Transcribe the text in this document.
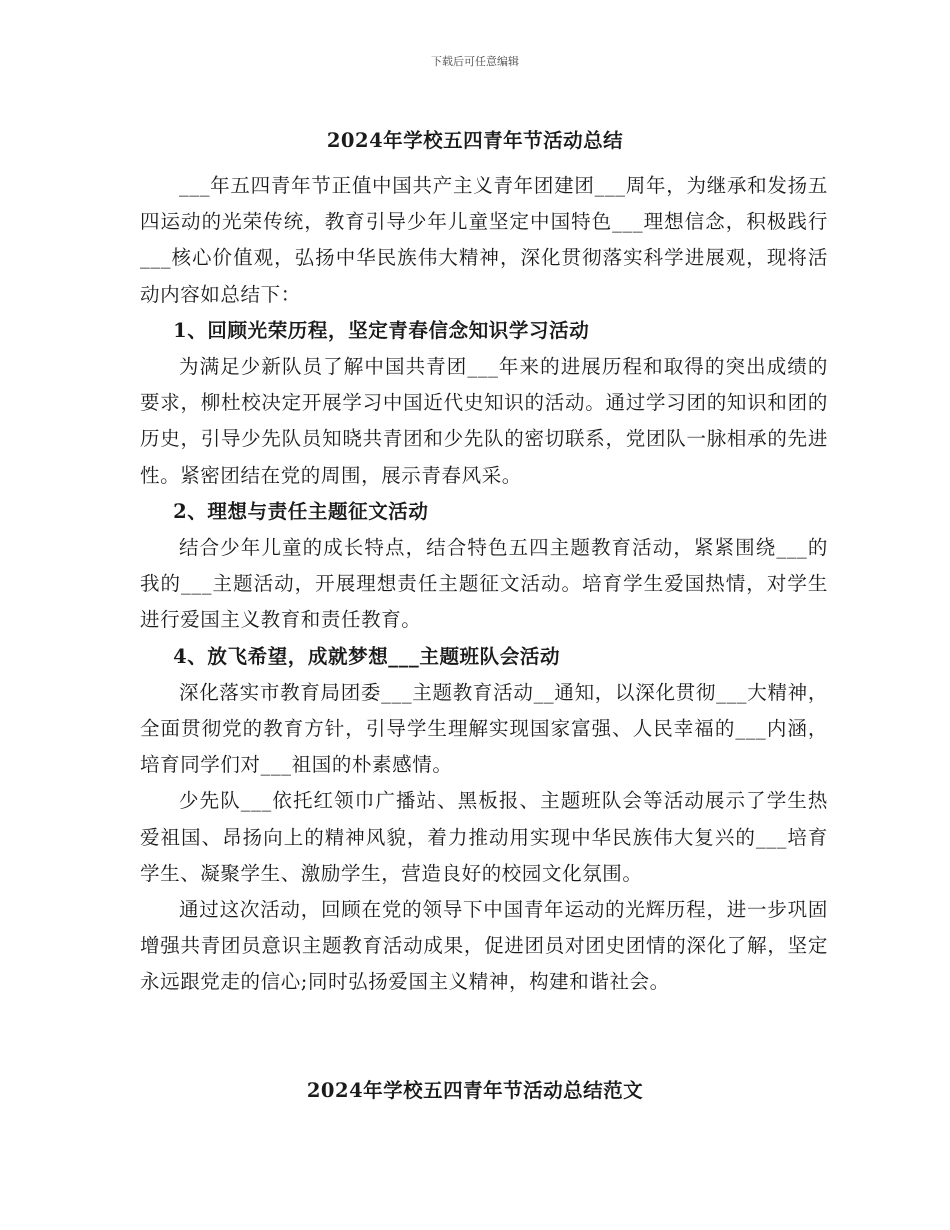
下载后可任意编辑
2024年学校五四青年节活动总结

___年五四青年节正值中国共产主义青年团建团___周年，为继承和发扬五四运动的光荣传统，教育引导少年儿童坚定中国特色___理想信念，积极践行___核心价值观，弘扬中华民族伟大精神，深化贯彻落实科学进展观，现将活动内容如总结下：

1、回顾光荣历程，坚定青春信念知识学习活动

为满足少新队员了解中国共青团___年来的进展历程和取得的突出成绩的要求，柳杜校决定开展学习中国近代史知识的活动。通过学习团的知识和团的历史，引导少先队员知晓共青团和少先队的密切联系，党团队一脉相承的先进性。紧密团结在党的周围，展示青春风采。

2、理想与责任主题征文活动

结合少年儿童的成长特点，结合特色五四主题教育活动，紧紧围绕___的我的___主题活动，开展理想责任主题征文活动。培育学生爱国热情，对学生进行爱国主义教育和责任教育。

4、放飞希望，成就梦想___主题班队会活动

深化落实市教育局团委___主题教育活动__通知，以深化贯彻___大精神，全面贯彻党的教育方针，引导学生理解实现国家富强、人民幸福的___内涵，培育同学们对___祖国的朴素感情。

少先队___依托红领巾广播站、黑板报、主题班队会等活动展示了学生热爱祖国、昂扬向上的精神风貌，着力推动用实现中华民族伟大复兴的___培育学生、凝聚学生、激励学生，营造良好的校园文化氛围。

通过这次活动，回顾在党的领导下中国青年运动的光辉历程，进一步巩固增强共青团员意识主题教育活动成果，促进团员对团史团情的深化了解，坚定永远跟党走的信心;同时弘扬爱国主义精神，构建和谐社会。

2024年学校五四青年节活动总结范文
